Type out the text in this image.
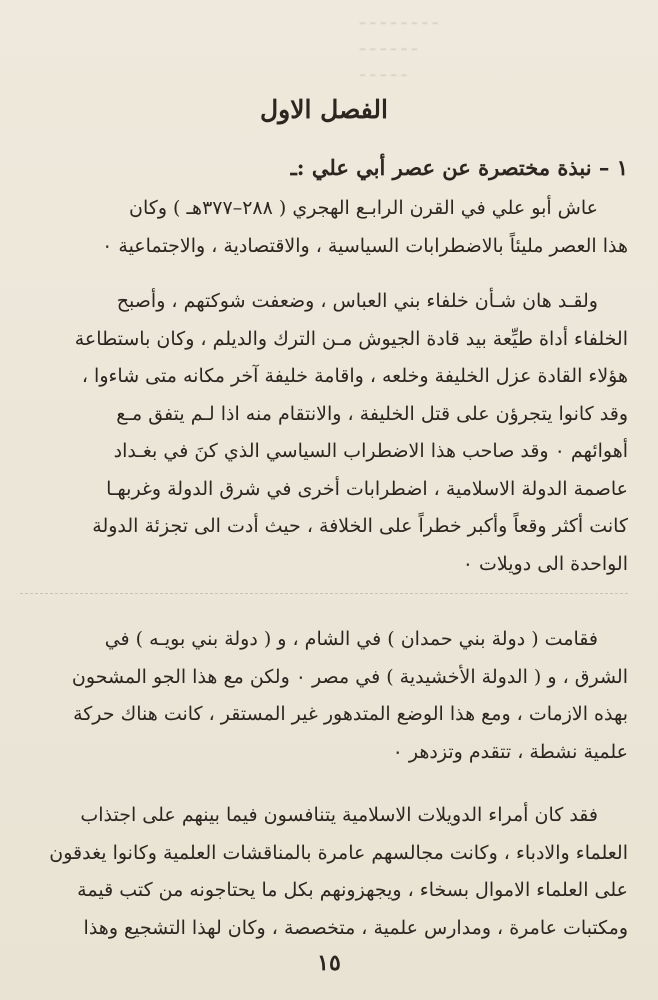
ـ ـ ـ ـ ـ ـ ـ ـ
ـ ـ ـ ـ ـ ـ
ـ ـ ـ ـ ـ
الفصل الاول
١ – نبذة مختصرة عن عصر أبي علي :ـ

عاش أبو علي في القرن الرابـع الهجري ( ٢٨٨–٣٧٧هـ ) وكان
هذا العصر مليئاً بالاضطرابات السياسية ، والاقتصادية ، والاجتماعية ٠

ولقـد هان شـأن خلفاء بني العباس ، وضعفت شوكتهم ، وأصبح
الخلفاء أداة طيِّعة بيد قادة الجيوش مـن الترك والديلم ، وكان باستطاعة
هؤلاء القادة عزل الخليفة وخلعه ، واقامة خليفة آخر مكانه متى شاءوا ،
وقد كانوا يتجرؤن على قتل الخليفة ، والانتقام منه اذا لـم يتفق مـع
أهوائهم ٠ وقد صاحب هذا الاضطراب السياسي الذي كنَ في بغـداد
عاصمة الدولة الاسلامية ، اضطرابات أخرى في شرق الدولة وغربهـا
كانت أكثر وقعاً وأكبر خطراً على الخلافة ، حيث أدت الى تجزئة الدولة
الواحدة الى دويلات ٠

فقامت ( دولة بني حمدان ) في الشام ، و ( دولة بني بويـه ) في
الشرق ، و ( الدولة الأخشيدية ) في مصر ٠ ولكن مع هذا الجو المشحون
بهذه الازمات ، ومع هذا الوضع المتدهور غير المستقر ، كانت هناك حركة
علمية نشطة ، تتقدم وتزدهر ٠

فقد كان أمراء الدويلات الاسلامية يتنافسون فيما بينهم على اجتذاب
العلماء والادباء ، وكانت مجالسهم عامرة بالمناقشات العلمية وكانوا يغدقون
على العلماء الاموال بسخاء ، ويجهزونهم بكل ما يحتاجونه من كتب قيمة
ومكتبات عامرة ، ومدارس علمية ، متخصصة ، وكان لهذا التشجيع وهذا

١٥
